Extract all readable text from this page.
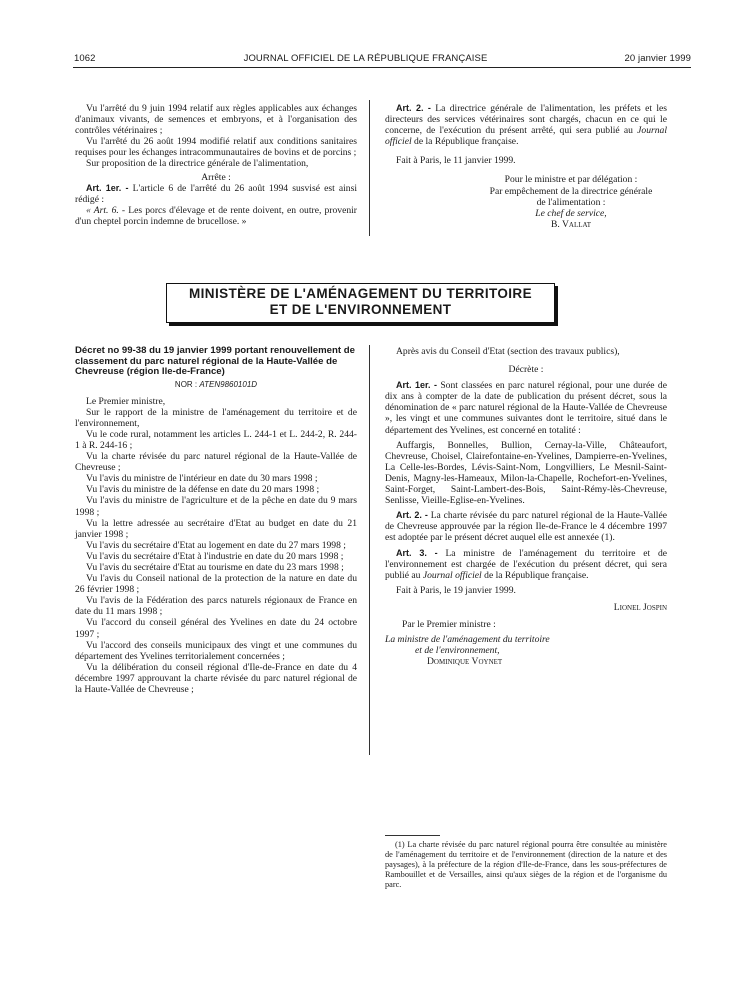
1062	JOURNAL OFFICIEL DE LA RÉPUBLIQUE FRANÇAISE	20 janvier 1999

Vu l'arrêté du 9 juin 1994 relatif aux règles applicables aux échanges d'animaux vivants, de semences et embryons, et à l'organisation des contrôles vétérinaires ;

Vu l'arrêté du 26 août 1994 modifié relatif aux conditions sanitaires requises pour les échanges intracommunautaires de bovins et de porcins ;

Sur proposition de la directrice générale de l'alimentation,

Arrête :

Art. 1er. - L'article 6 de l'arrêté du 26 août 1994 susvisé est ainsi rédigé :

« Art. 6. - Les porcs d'élevage et de rente doivent, en outre, provenir d'un cheptel porcin indemne de brucellose. »

Art. 2. - La directrice générale de l'alimentation, les préfets et les directeurs des services vétérinaires sont chargés, chacun en ce qui le concerne, de l'exécution du présent arrêté, qui sera publié au Journal officiel de la République française.

Fait à Paris, le 11 janvier 1999.

Pour le ministre et par délégation :

Par empêchement de la directrice générale

de l'alimentation :

Le chef de service,

B. Vallat

MINISTÈRE DE L'AMÉNAGEMENT DU TERRITOIRE
ET DE L'ENVIRONNEMENT
Décret no 99-38 du 19 janvier 1999 portant renouvellement de classement du parc naturel régional de la Haute-Vallée de Chevreuse (région Ile-de-France)
NOR : ATEN9860101D

Le Premier ministre,

Sur le rapport de la ministre de l'aménagement du territoire et de l'environnement,

Vu le code rural, notamment les articles L. 244-1 et L. 244-2, R. 244-1 à R. 244-16 ;

Vu la charte révisée du parc naturel régional de la Haute-Vallée de Chevreuse ;

Vu l'avis du ministre de l'intérieur en date du 30 mars 1998 ;

Vu l'avis du ministre de la défense en date du 20 mars 1998 ;

Vu l'avis du ministre de l'agriculture et de la pêche en date du 9 mars 1998 ;

Vu la lettre adressée au secrétaire d'Etat au budget en date du 21 janvier 1998 ;

Vu l'avis du secrétaire d'Etat au logement en date du 27 mars 1998 ;

Vu l'avis du secrétaire d'Etat à l'industrie en date du 20 mars 1998 ;

Vu l'avis du secrétaire d'Etat au tourisme en date du 23 mars 1998 ;

Vu l'avis du Conseil national de la protection de la nature en date du 26 février 1998 ;

Vu l'avis de la Fédération des parcs naturels régionaux de France en date du 11 mars 1998 ;

Vu l'accord du conseil général des Yvelines en date du 24 octobre 1997 ;

Vu l'accord des conseils municipaux des vingt et une communes du département des Yvelines territorialement concernées ;

Vu la délibération du conseil régional d'Ile-de-France en date du 4 décembre 1997 approuvant la charte révisée du parc naturel régional de la Haute-Vallée de Chevreuse ;

Après avis du Conseil d'Etat (section des travaux publics),

Décrète :

Art. 1er. - Sont classées en parc naturel régional, pour une durée de dix ans à compter de la date de publication du présent décret, sous la dénomination de « parc naturel régional de la Haute-Vallée de Chevreuse », les vingt et une communes suivantes dont le territoire, situé dans le département des Yvelines, est concerné en totalité :

Auffargis, Bonnelles, Bullion, Cernay-la-Ville, Châteaufort, Chevreuse, Choisel, Clairefontaine-en-Yvelines, Dampierre-en-Yvelines, La Celle-les-Bordes, Lévis-Saint-Nom, Longvilliers, Le Mesnil-Saint-Denis, Magny-les-Hameaux, Milon-la-Chapelle, Rochefort-en-Yvelines, Saint-Forget, Saint-Lambert-des-Bois, Saint-Rémy-lès-Chevreuse, Senlisse, Vieille-Eglise-en-Yvelines.

Art. 2. - La charte révisée du parc naturel régional de la Haute-Vallée de Chevreuse approuvée par la région Ile-de-France le 4 décembre 1997 est adoptée par le présent décret auquel elle est annexée (1).

Art. 3. - La ministre de l'aménagement du territoire et de l'environnement est chargée de l'exécution du présent décret, qui sera publié au Journal officiel de la République française.

Fait à Paris, le 19 janvier 1999.

Lionel Jospin

Par le Premier ministre :

La ministre de l'aménagement du territoire

et de l'environnement,

Dominique Voynet

(1) La charte révisée du parc naturel régional pourra être consultée au ministère de l'aménagement du territoire et de l'environnement (direction de la nature et des paysages), à la préfecture de la région d'Ile-de-France, dans les sous-préfectures de Rambouillet et de Versailles, ainsi qu'aux sièges de la région et de l'organisme du parc.
